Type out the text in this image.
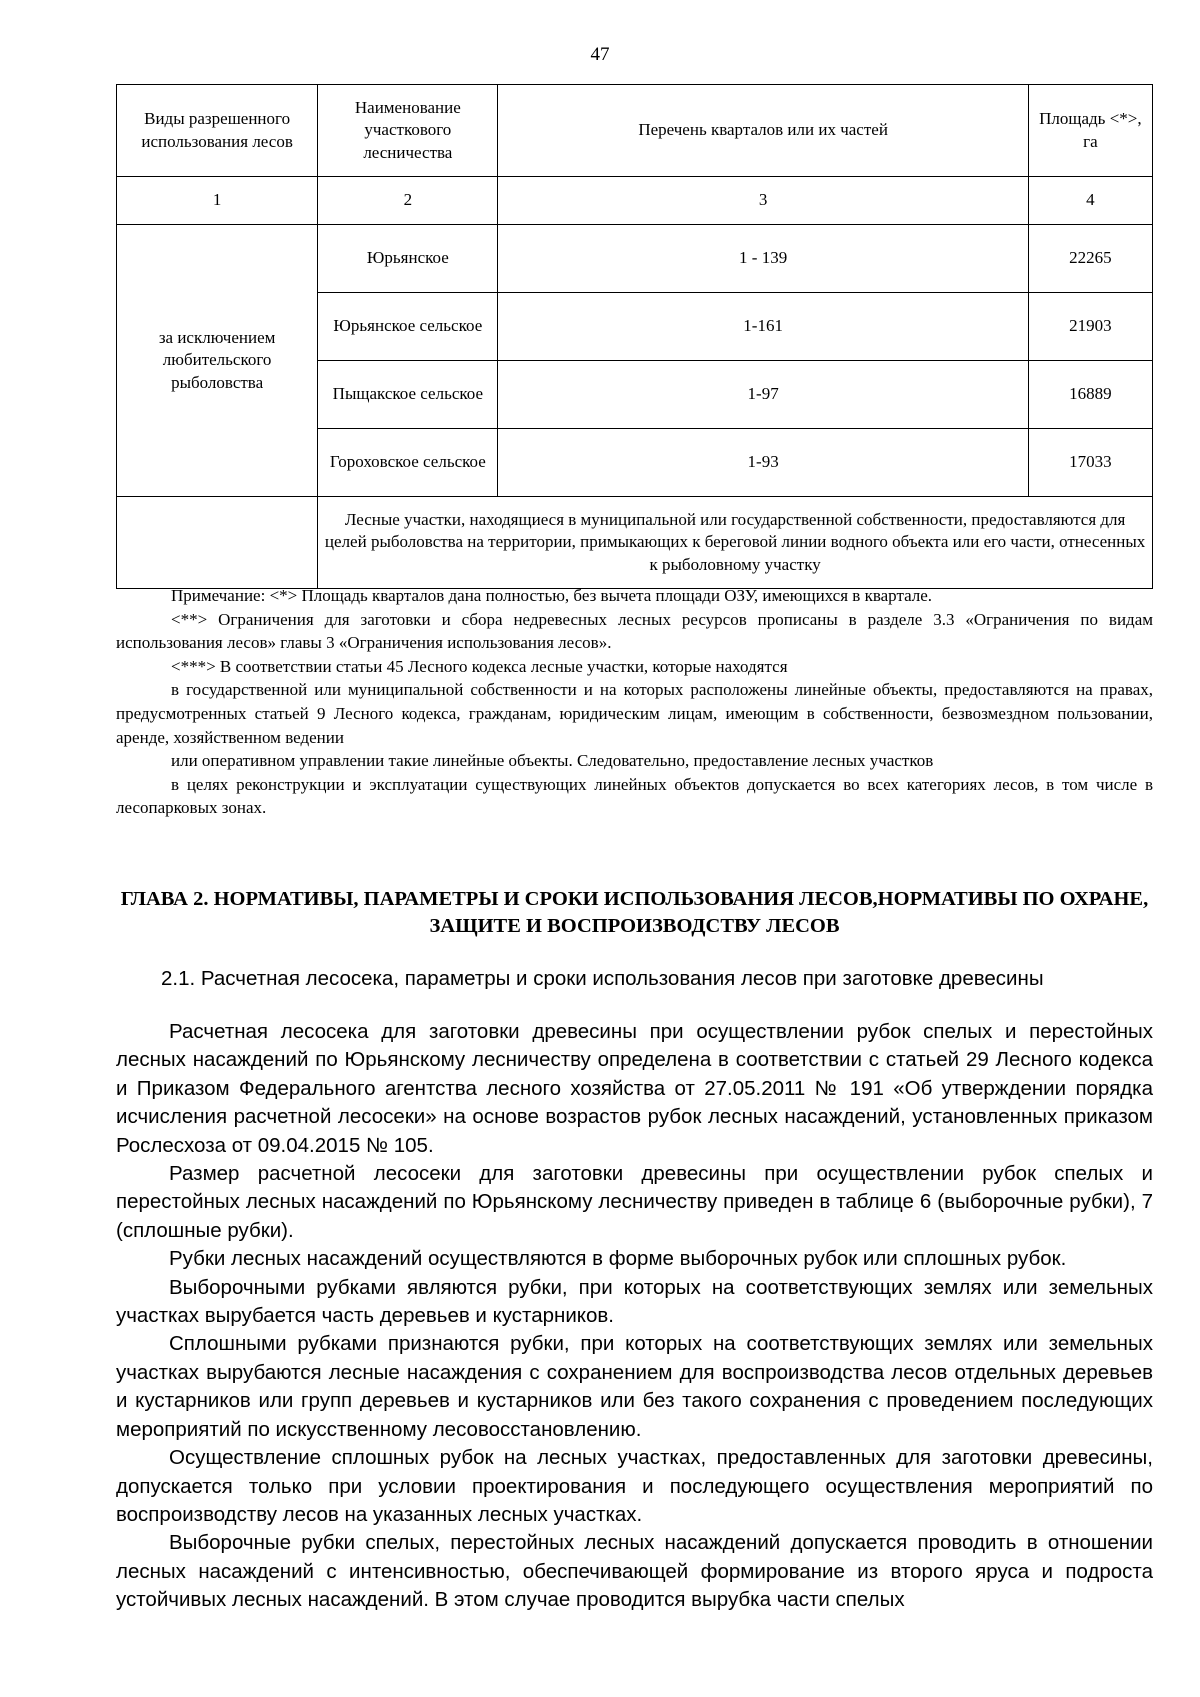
47
Виды разрешенного использования лесов	Наименование участкового лесничества	Перечень кварталов или их частей	Площадь <*>, га
1	2	3	4
за исключением любительского рыболовства	Юрьянское	1 - 139	22265
	Юрьянское сельское	1-161	21903
	Пыщакское сельское	1-97	16889
	Гороховское сельское	1-93	17033
	Лесные участки, находящиеся в муниципальной или государственной собственности, предоставляются для целей рыболовства на территории, примыкающих к береговой линии водного объекта или его части, отнесенных к рыболовному участку		

Примечание: <*> Площадь кварталов дана полностью, без вычета площади ОЗУ, имеющихся в квартале.

<**> Ограничения для заготовки и сбора недревесных лесных ресурсов прописаны в разделе 3.3 «Ограничения по видам использования лесов» главы 3 «Ограничения использования лесов».

<***> В соответствии статьи 45 Лесного кодекса лесные участки, которые находятся

в государственной или муниципальной собственности и на которых расположены линейные объекты, предоставляются на правах, предусмотренных статьей 9 Лесного кодекса, гражданам, юридическим лицам, имеющим в собственности, безвозмездном пользовании, аренде, хозяйственном ведении

или оперативном управлении такие линейные объекты. Следовательно, предоставление лесных участков

в целях реконструкции и эксплуатации существующих линейных объектов допускается во всех категориях лесов, в том числе в лесопарковых зонах.

ГЛАВА 2. НОРМАТИВЫ, ПАРАМЕТРЫ И СРОКИ ИСПОЛЬЗОВАНИЯ ЛЕСОВ,НОРМАТИВЫ ПО ОХРАНЕ, ЗАЩИТЕ И ВОСПРОИЗВОДСТВУ ЛЕСОВ
2.1. Расчетная лесосека, параметры и сроки использования лесов при заготовке древесины

Расчетная лесосека для заготовки древесины при осуществлении рубок спелых и перестойных лесных насаждений по Юрьянскому лесничеству определена в соответствии с статьей 29 Лесного кодекса и Приказом Федерального агентства лесного хозяйства от 27.05.2011 № 191 «Об утверждении порядка исчисления расчетной лесосеки» на основе возрастов рубок лесных насаждений, установленных приказом Рослесхоза от 09.04.2015 № 105.

Размер расчетной лесосеки для заготовки древесины при осуществлении рубок спелых и перестойных лесных насаждений по Юрьянскому лесничеству приведен в таблице 6 (выборочные рубки), 7 (сплошные рубки).

Рубки лесных насаждений осуществляются в форме выборочных рубок или сплошных рубок.

Выборочными рубками являются рубки, при которых на соответствующих землях или земельных участках вырубается часть деревьев и кустарников.

Сплошными рубками признаются рубки, при которых на соответствующих землях или земельных участках вырубаются лесные насаждения с сохранением для воспроизводства лесов отдельных деревьев и кустарников или групп деревьев и кустарников или без такого сохранения с проведением последующих мероприятий по искусственному лесовосстановлению.

Осуществление сплошных рубок на лесных участках, предоставленных для заготовки древесины, допускается только при условии проектирования и последующего осуществления мероприятий по воспроизводству лесов на указанных лесных участках.

Выборочные рубки спелых, перестойных лесных насаждений допускается проводить в отношении лесных насаждений с интенсивностью, обеспечивающей формирование из второго яруса и подроста устойчивых лесных насаждений. В этом случае проводится вырубка части спелых
